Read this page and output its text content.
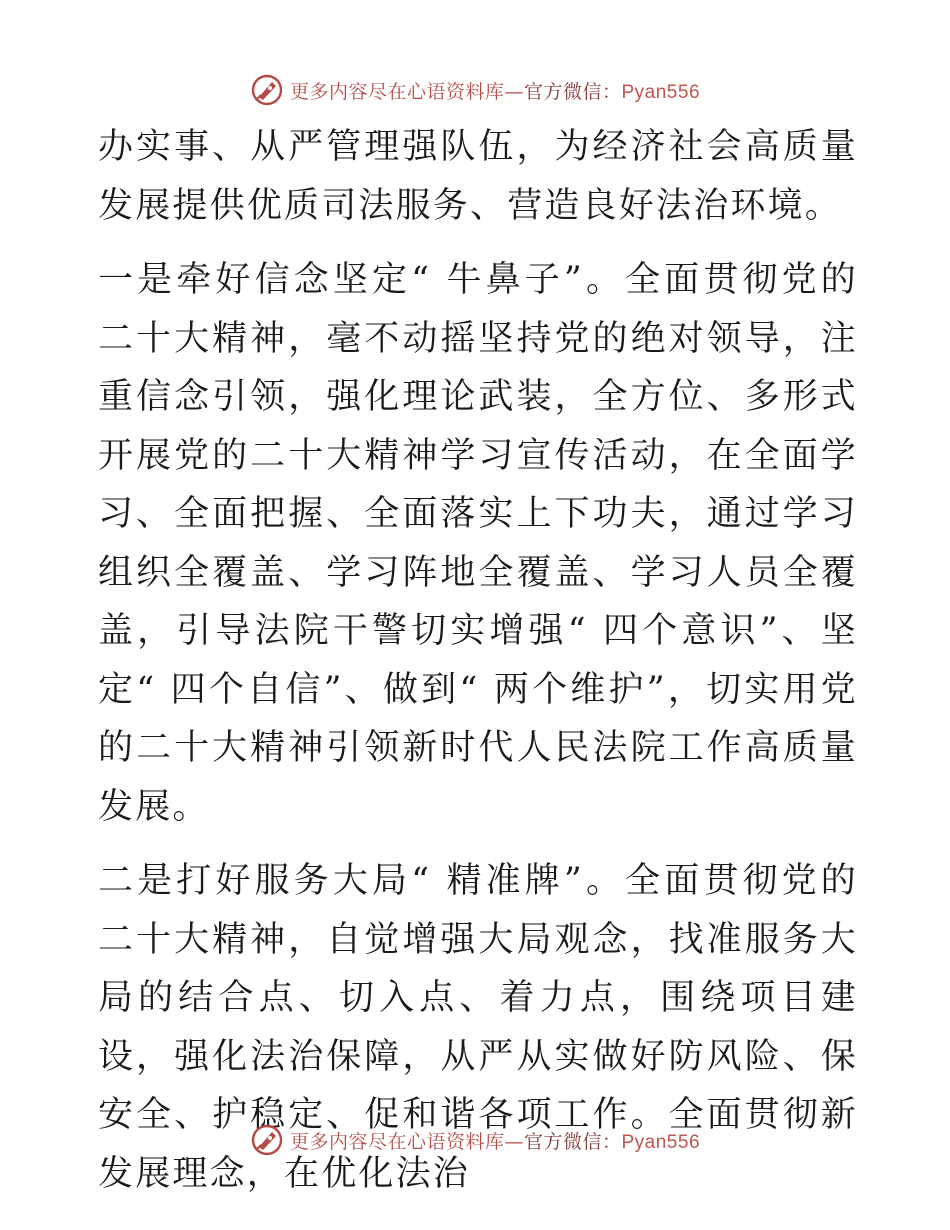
更多内容尽在心语资料库—官方微信：Pyan556

办实事、从严管理强队伍，为经济社会高质量发展提供优质司法服务、营造良好法治环境。

一是牵好信念坚定“ 牛鼻子”。全面贯彻党的二十大精神，毫不动摇坚持党的绝对领导，注重信念引领，强化理论武装，全方位、多形式开展党的二十大精神学习宣传活动，在全面学习、全面把握、全面落实上下功夫，通过学习组织全覆盖、学习阵地全覆盖、学习人员全覆盖，引导法院干警切实增强“ 四个意识”、坚定“ 四个自信”、做到“ 两个维护”，切实用党的二十大精神引领新时代人民法院工作高质量发展。

二是打好服务大局“ 精准牌”。全面贯彻党的二十大精神，自觉增强大局观念，找准服务大局的结合点、切入点、着力点，围绕项目建设，强化法治保障，从严从实做好防风险、保安全、护稳定、促和谐各项工作。全面贯彻新发展理念，在优化法治

更多内容尽在心语资料库—官方微信：Pyan556
